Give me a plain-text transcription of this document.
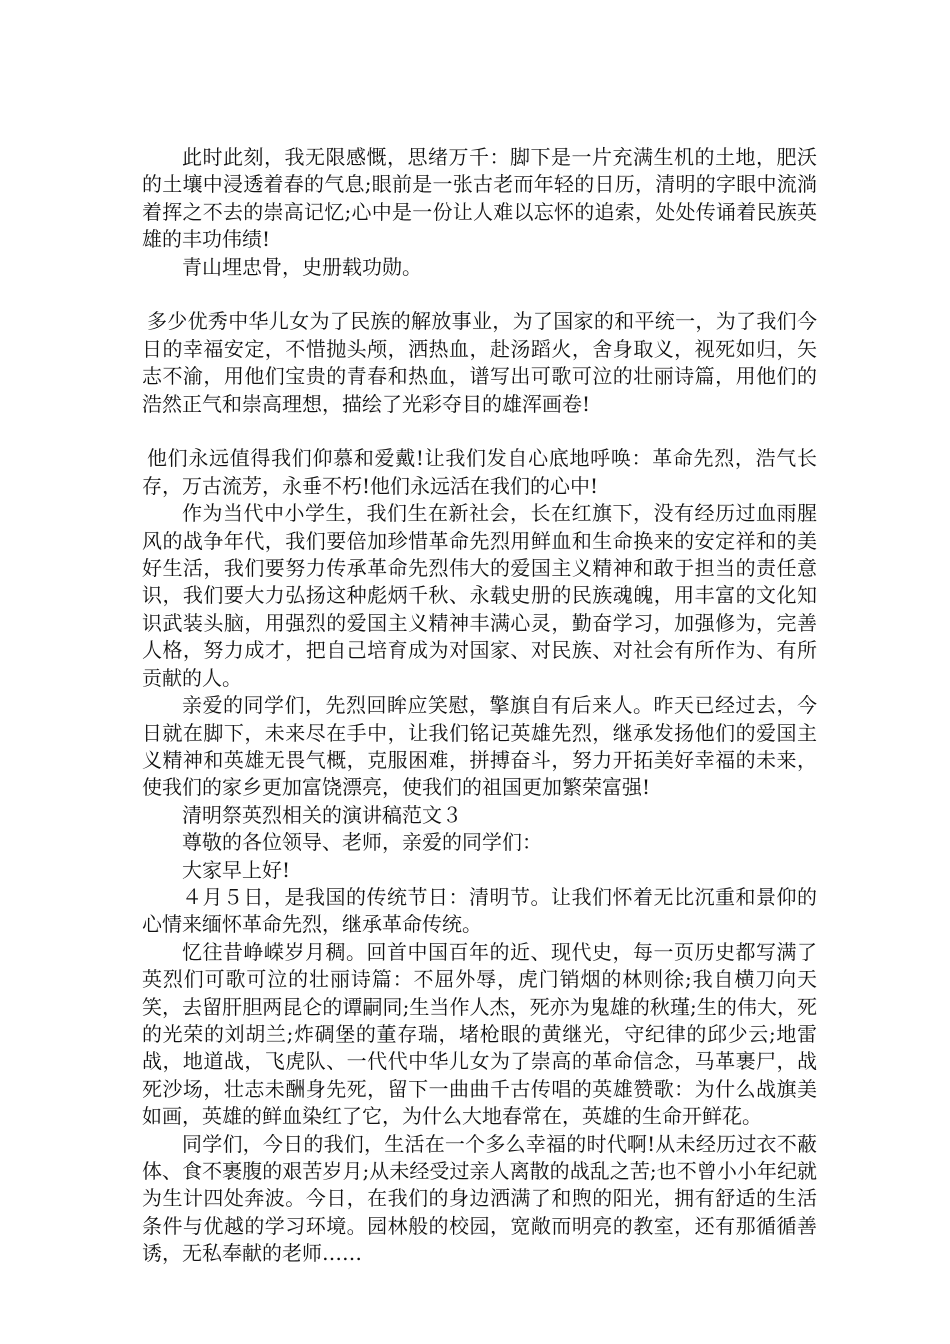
此时此刻，我无限感慨，思绪万千：脚下是一片充满生机的土地，肥沃的土壤中浸透着春的气息;眼前是一张古老而年轻的日历，清明的字眼中流淌着挥之不去的崇高记忆;心中是一份让人难以忘怀的追索，处处传诵着民族英雄的丰功伟绩!

青山埋忠骨，史册载功勋。

多少优秀中华儿女为了民族的解放事业，为了国家的和平统一，为了我们今日的幸福安定，不惜抛头颅，洒热血，赴汤蹈火，舍身取义，视死如归，矢志不渝，用他们宝贵的青春和热血，谱写出可歌可泣的壮丽诗篇，用他们的浩然正气和崇高理想，描绘了光彩夺目的雄浑画卷!

他们永远值得我们仰慕和爱戴!让我们发自心底地呼唤：革命先烈，浩气长存，万古流芳，永垂不朽!他们永远活在我们的心中!

作为当代中小学生，我们生在新社会，长在红旗下，没有经历过血雨腥风的战争年代，我们要倍加珍惜革命先烈用鲜血和生命换来的安定祥和的美好生活，我们要努力传承革命先烈伟大的爱国主义精神和敢于担当的责任意识，我们要大力弘扬这种彪炳千秋、永载史册的民族魂魄，用丰富的文化知识武装头脑，用强烈的爱国主义精神丰满心灵，勤奋学习，加强修为，完善人格，努力成才，把自己培育成为对国家、对民族、对社会有所作为、有所贡献的人。

亲爱的同学们，先烈回眸应笑慰，擎旗自有后来人。昨天已经过去，今日就在脚下，未来尽在手中，让我们铭记英雄先烈，继承发扬他们的爱国主义精神和英雄无畏气概，克服困难，拼搏奋斗，努力开拓美好幸福的未来，使我们的家乡更加富饶漂亮，使我们的祖国更加繁荣富强!

清明祭英烈相关的演讲稿范文３

尊敬的各位领导、老师，亲爱的同学们：

大家早上好!

４月５日，是我国的传统节日：清明节。让我们怀着无比沉重和景仰的心情来缅怀革命先烈，继承革命传统。

忆往昔峥嵘岁月稠。回首中国百年的近、现代史，每一页历史都写满了英烈们可歌可泣的壮丽诗篇：不屈外辱，虎门销烟的林则徐;我自横刀向天笑，去留肝胆两昆仑的谭嗣同;生当作人杰，死亦为鬼雄的秋瑾;生的伟大，死的光荣的刘胡兰;炸碉堡的董存瑞，堵枪眼的黄继光，守纪律的邱少云;地雷战，地道战，飞虎队、一代代中华儿女为了崇高的革命信念，马革裹尸，战死沙场，壮志未酬身先死，留下一曲曲千古传唱的英雄赞歌：为什么战旗美如画，英雄的鲜血染红了它，为什么大地春常在，英雄的生命开鲜花。

同学们，今日的我们，生活在一个多么幸福的时代啊!从未经历过衣不蔽体、食不裹腹的艰苦岁月;从未经受过亲人离散的战乱之苦;也不曾小小年纪就为生计四处奔波。今日，在我们的身边洒满了和煦的阳光，拥有舒适的生活条件与优越的学习环境。园林般的校园，宽敞而明亮的教室，还有那循循善诱，无私奉献的老师……
